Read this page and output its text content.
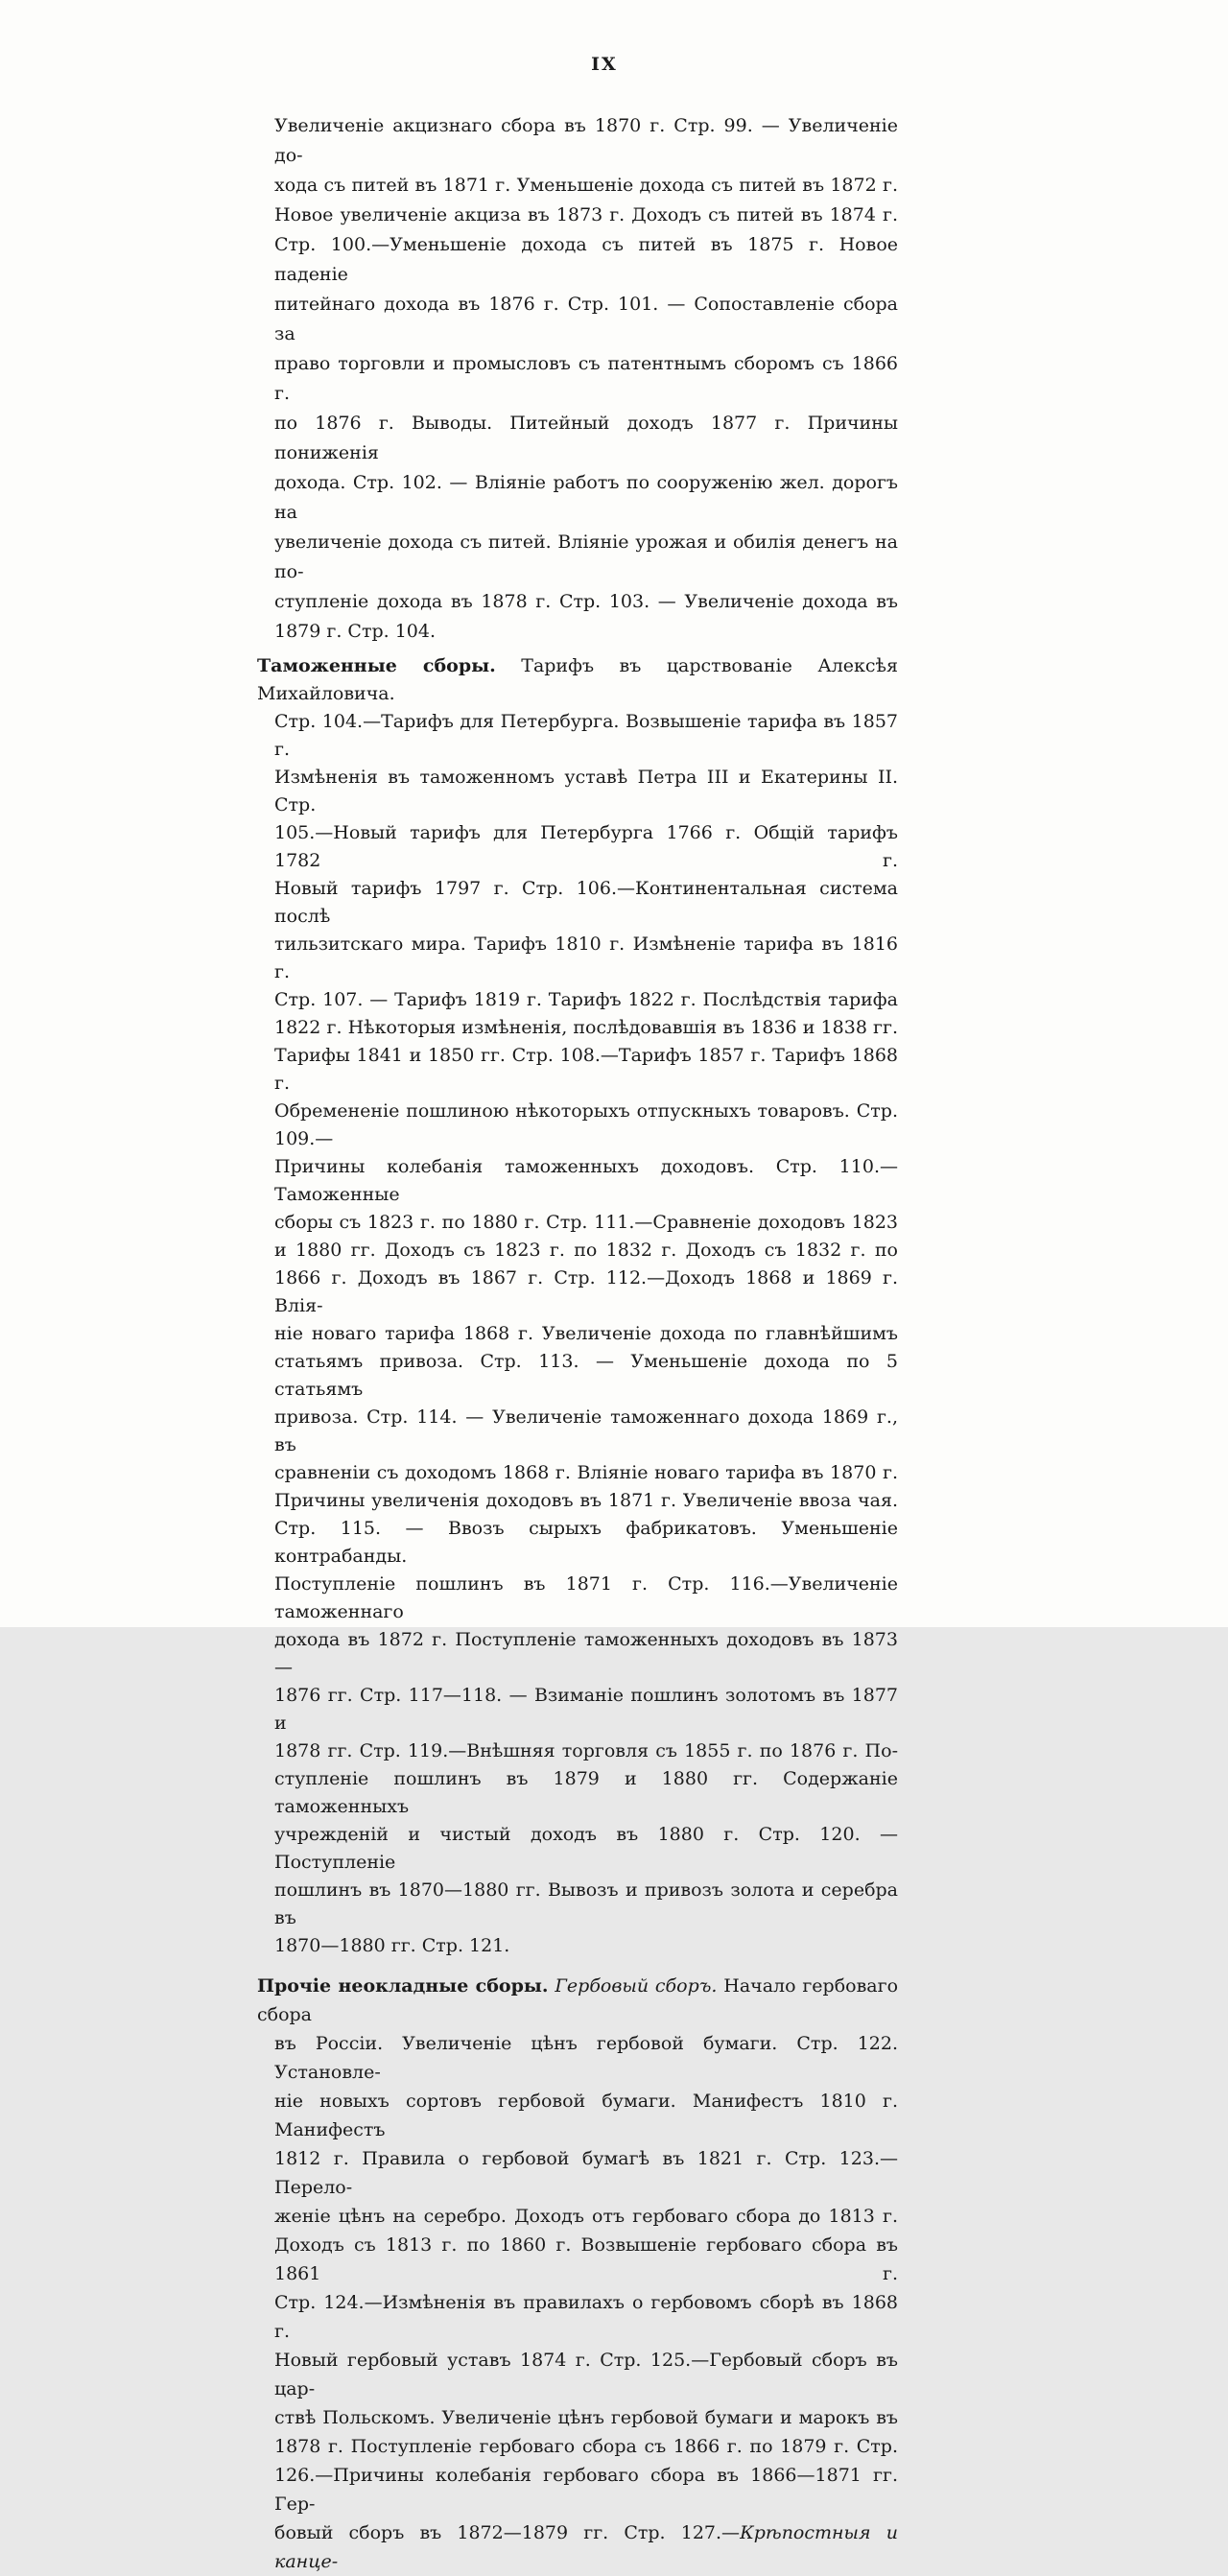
IX
Увеличеніе акцизнаго сбора въ 1870 г. Стр. 99. — Увеличеніе до-
хода съ питей въ 1871 г. Уменьшеніе дохода съ питей въ 1872 г.
Новое увеличеніе акциза въ 1873 г. Доходъ съ питей въ 1874 г.
Стр. 100.—Уменьшеніе дохода съ питей въ 1875 г. Новое паденіе
питейнаго дохода въ 1876 г. Стр. 101. — Сопоставленіе сбора за
право торговли и промысловъ съ патентнымъ сборомъ съ 1866 г.
по 1876 г. Выводы. Питейный доходъ 1877 г. Причины пониженія
дохода. Стр. 102. — Вліяніе работъ по сооруженію жел. дорогъ на
увеличеніе дохода съ питей. Вліяніе урожая и обилія денегъ на по-
ступленіе дохода въ 1878 г. Стр. 103. — Увеличеніе дохода въ
1879 г. Стр. 104.
Таможенные сборы. Тарифъ въ царствованіе Алексѣя Михайловича.
Стр. 104.—Тарифъ для Петербурга. Возвышеніе тарифа въ 1857 г.
Измѣненія въ таможенномъ уставѣ Петра III и Екатерины II. Стр.
105.—Новый тарифъ для Петербурга 1766 г. Общій тарифъ 1782 г.
Новый тарифъ 1797 г. Стр. 106.—Континентальная система послѣ
тильзитскаго мира. Тарифъ 1810 г. Измѣненіе тарифа въ 1816 г.
Стр. 107. — Тарифъ 1819 г. Тарифъ 1822 г. Послѣдствія тарифа
1822 г. Нѣкоторыя измѣненія, послѣдовавшія въ 1836 и 1838 гг.
Тарифы 1841 и 1850 гг. Стр. 108.—Тарифъ 1857 г. Тарифъ 1868 г.
Обремененіе пошлиною нѣкоторыхъ отпускныхъ товаровъ. Стр. 109.—
Причины колебанія таможенныхъ доходовъ. Стр. 110.—Таможенные
сборы съ 1823 г. по 1880 г. Стр. 111.—Сравненіе доходовъ 1823
и 1880 гг. Доходъ съ 1823 г. по 1832 г. Доходъ съ 1832 г. по
1866 г. Доходъ въ 1867 г. Стр. 112.—Доходъ 1868 и 1869 г. Влія-
ніе новаго тарифа 1868 г. Увеличеніе дохода по главнѣйшимъ
статьямъ привоза. Стр. 113. — Уменьшеніе дохода по 5 статьямъ
привоза. Стр. 114. — Увеличеніе таможеннаго дохода 1869 г., въ
сравненіи съ доходомъ 1868 г. Вліяніе новаго тарифа въ 1870 г.
Причины увеличенія доходовъ въ 1871 г. Увеличеніе ввоза чая.
Стр. 115. — Ввозъ сырыхъ фабрикатовъ. Уменьшеніе контрабанды.
Поступленіе пошлинъ въ 1871 г. Стр. 116.—Увеличеніе таможеннаго
дохода въ 1872 г. Поступленіе таможенныхъ доходовъ въ 1873—
1876 гг. Стр. 117—118. — Взиманіе пошлинъ золотомъ въ 1877 и
1878 гг. Стр. 119.—Внѣшняя торговля съ 1855 г. по 1876 г. По-
ступленіе пошлинъ въ 1879 и 1880 гг. Содержаніе таможенныхъ
учрежденій и чистый доходъ въ 1880 г. Стр. 120. — Поступленіе
пошлинъ въ 1870—1880 гг. Вывозъ и привозъ золота и серебра въ
1870—1880 гг. Стр. 121.
Прочіе неокладные сборы. Гербовый сборъ. Начало гербоваго сбора
въ Россіи. Увеличеніе цѣнъ гербовой бумаги. Стр. 122. Установле-
ніе новыхъ сортовъ гербовой бумаги. Манифестъ 1810 г. Манифестъ
1812 г. Правила о гербовой бумагѣ въ 1821 г. Стр. 123.—Перело-
женіе цѣнъ на серебро. Доходъ отъ гербоваго сбора до 1813 г.
Доходъ съ 1813 г. по 1860 г. Возвышеніе гербоваго сбора въ 1861 г.
Стр. 124.—Измѣненія въ правилахъ о гербовомъ сборѣ въ 1868 г.
Новый гербовый уставъ 1874 г. Стр. 125.—Гербовый сборъ въ цар-
ствѣ Польскомъ. Увеличеніе цѣнъ гербовой бумаги и марокъ въ
1878 г. Поступленіе гербоваго сбора съ 1866 г. по 1879 г. Стр.
126.—Причины колебанія гербоваго сбора въ 1866—1871 гг. Гер-
бовый сборъ въ 1872—1879 гг. Стр. 127.—Крѣпостныя и канце-
